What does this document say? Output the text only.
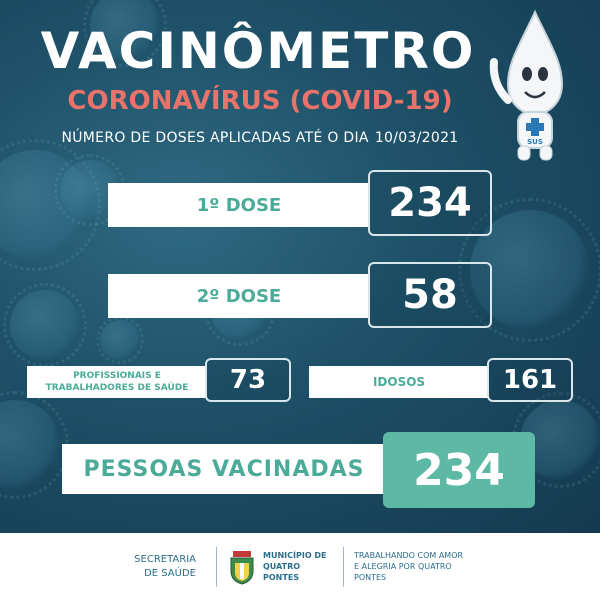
VACINÔMETRO
CORONAVÍRUS (COVID-19)
NÚMERO DE DOSES APLICADAS ATÉ O DIA 10/03/2021	SUS
1º DOSE	234
2º DOSE	58
PROFISSIONAIS E TRABALHADORES DE SAÚDE	73	IDOSOS	161
PESSOAS VACINADAS	234
SECRETARIA
DE SAÚDE
MUNICÍPIO DE
QUATRO PONTES
TRABALHANDO COM AMOR
E ALEGRIA POR QUATRO PONTES
